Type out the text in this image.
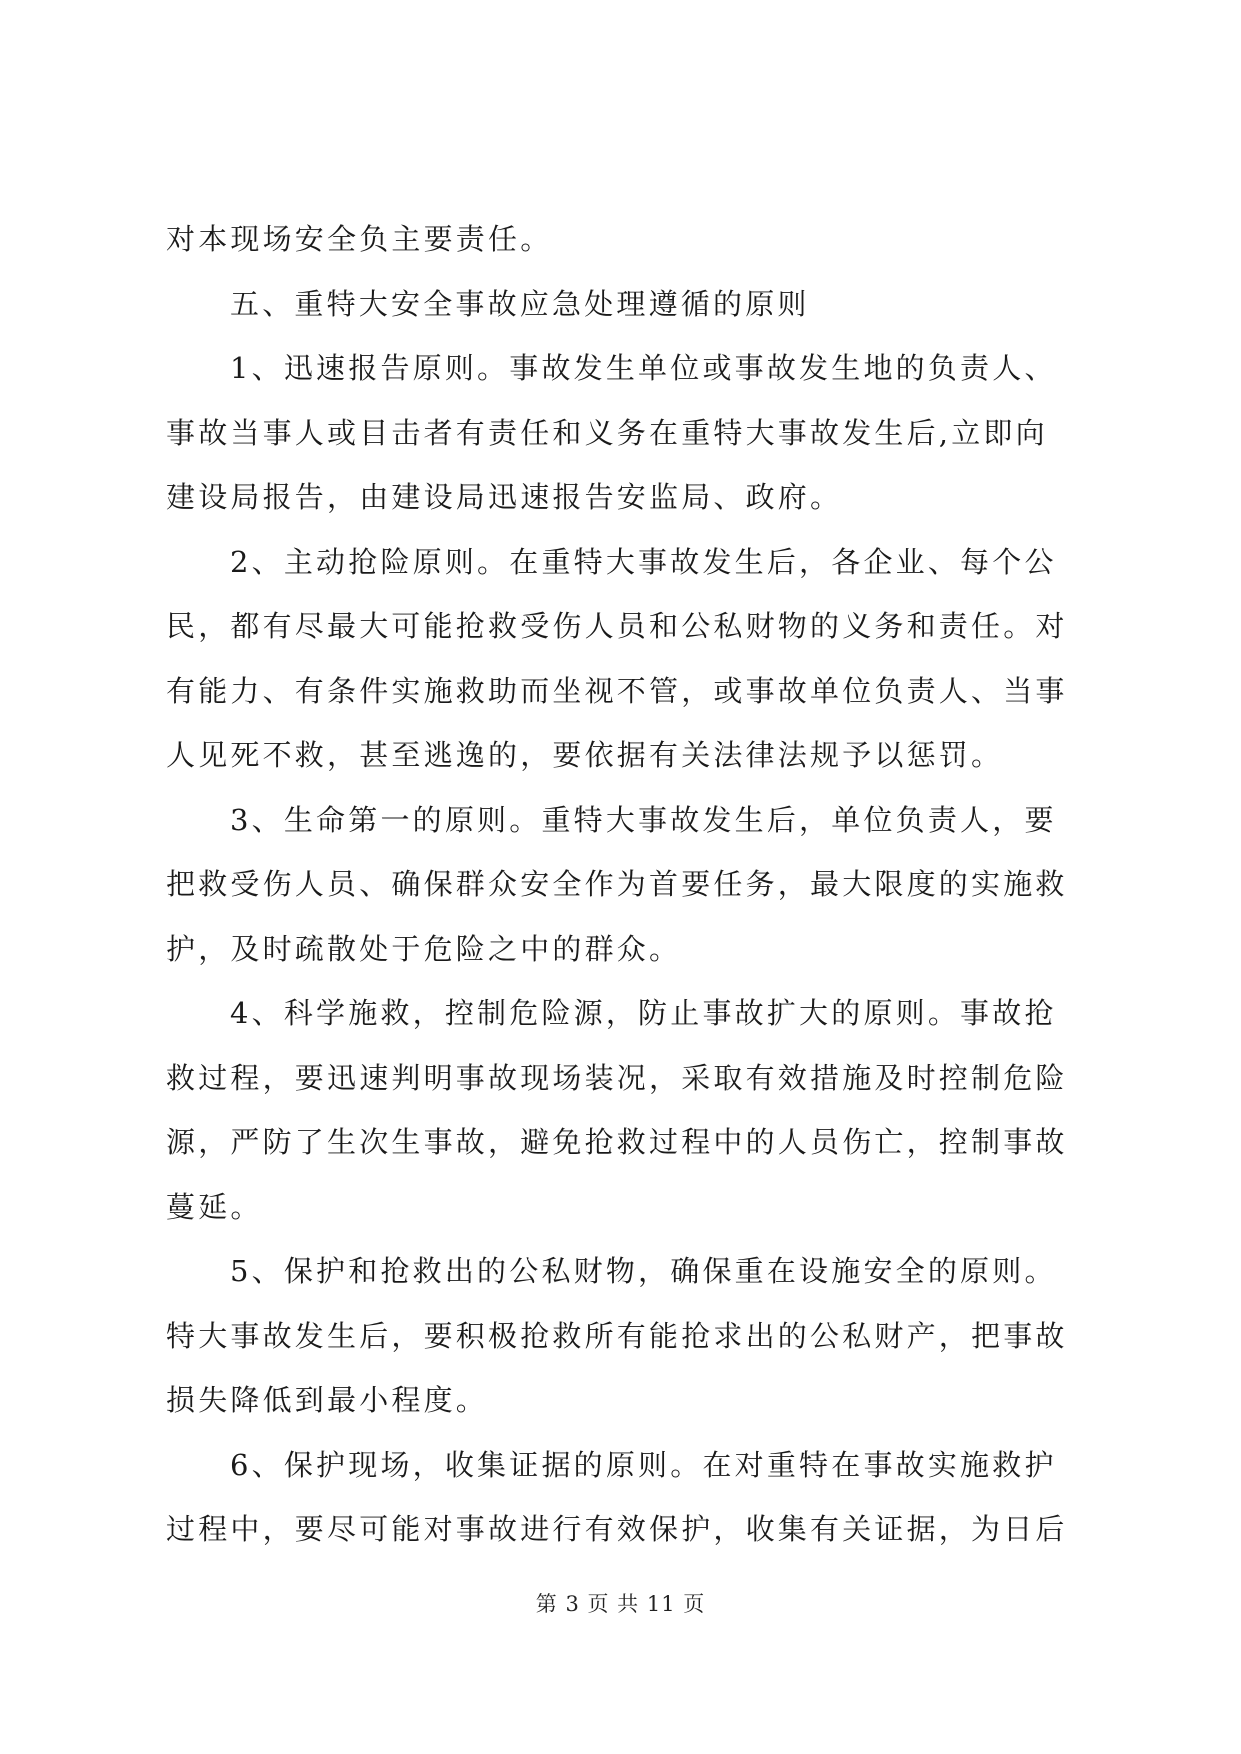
对本现场安全负主要责任。
五、重特大安全事故应急处理遵循的原则
1、迅速报告原则。事故发生单位或事故发生地的负责人、
事故当事人或目击者有责任和义务在重特大事故发生后,立即向
建设局报告，由建设局迅速报告安监局、政府。
2、主动抢险原则。在重特大事故发生后，各企业、每个公
民，都有尽最大可能抢救受伤人员和公私财物的义务和责任。对
有能力、有条件实施救助而坐视不管，或事故单位负责人、当事
人见死不救，甚至逃逸的，要依据有关法律法规予以惩罚。
3、生命第一的原则。重特大事故发生后，单位负责人，要
把救受伤人员、确保群众安全作为首要任务，最大限度的实施救
护，及时疏散处于危险之中的群众。
4、科学施救，控制危险源，防止事故扩大的原则。事故抢
救过程，要迅速判明事故现场装况，采取有效措施及时控制危险
源，严防了生次生事故，避免抢救过程中的人员伤亡，控制事故
蔓延。
5、保护和抢救出的公私财物，确保重在设施安全的原则。
特大事故发生后，要积极抢救所有能抢求出的公私财产，把事故
损失降低到最小程度。
6、保护现场，收集证据的原则。在对重特在事故实施救护
过程中，要尽可能对事故进行有效保护，收集有关证据，为日后
第 3 页 共 11 页
